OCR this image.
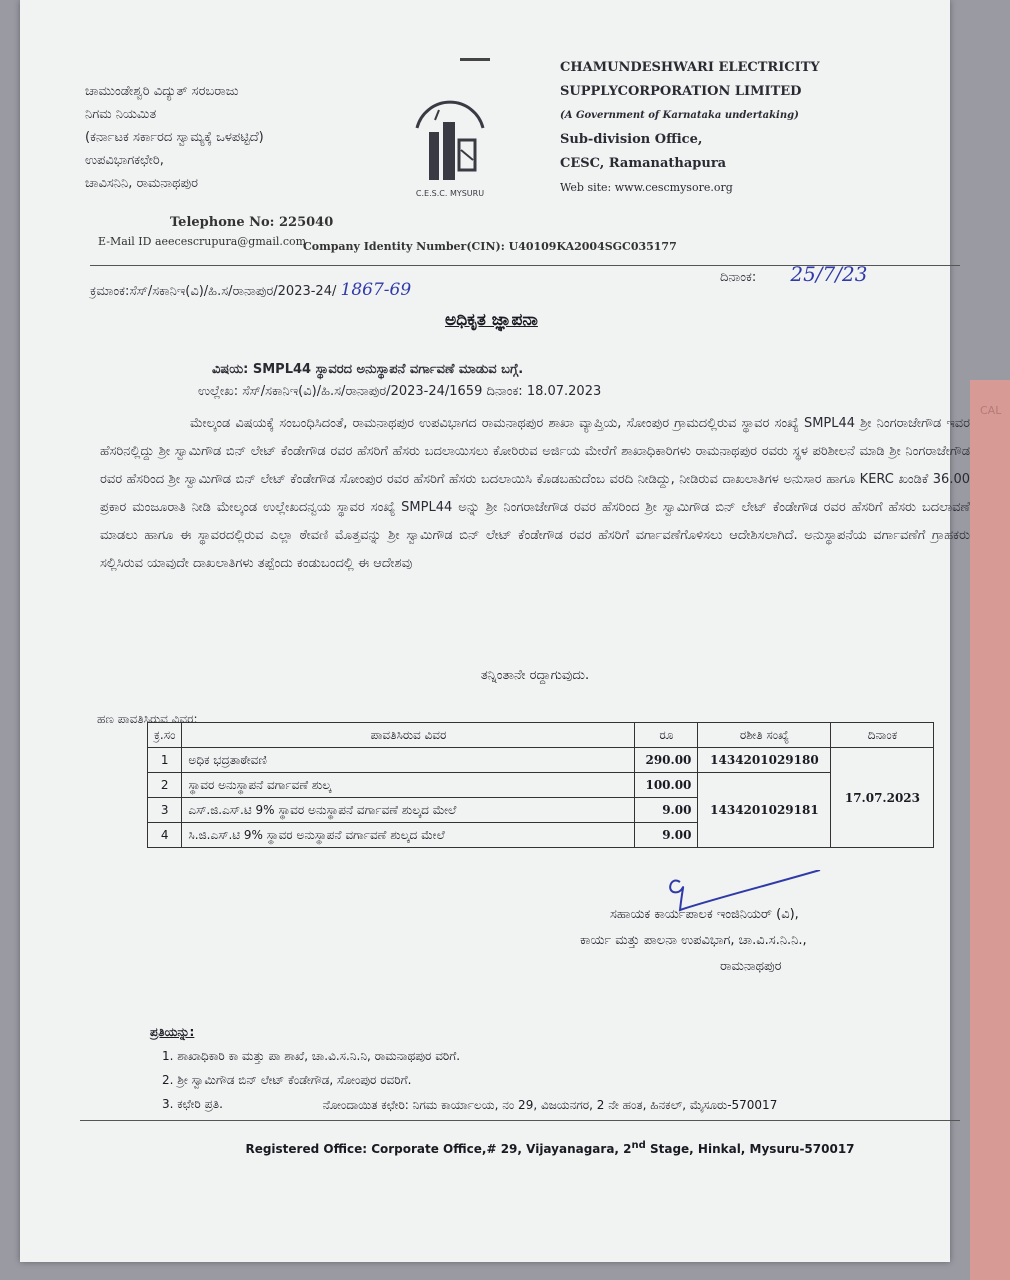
CAL
ಚಾಮುಂಡೇಶ್ವರಿ ವಿದ್ಯುತ್ ಸರಬರಾಜು
ನಿಗಮ ನಿಯಮಿತ
(ಕರ್ನಾಟಕ ಸರ್ಕಾರದ ಸ್ವಾಮ್ಯಕ್ಕೆ ಒಳಪಟ್ಟಿದೆ)
ಉಪವಿಭಾಗಕಛೇರಿ,
ಚಾವಿಸನಿನಿ, ರಾಮನಾಥಪುರ
Telephone No: 225040
E-Mail ID aeecescrupura@gmail.com
C.E.S.C. MYSURU
CHAMUNDESHWARI ELECTRICITY
SUPPLYCORPORATION LIMITED
(A Government of Karnataka undertaking)
Sub-division Office,
CESC, Ramanathapura
Web site: www.cescmysore.org
Company Identity Number(CIN): U40109KA2004SGC035177
ಕ್ರಮಾಂಕ:ಸೆಸ್/ಸಕಾನಿಇ(ವಿ)/ಹಿ.ಸ/ರಾನಾಪುರ/2023-24/ 1867-69
ದಿನಾಂಕ: 25/7/23
ಅಧಿಕೃತ ಜ್ಞಾಪನಾ
ವಿಷಯ: SMPL44 ಸ್ಥಾವರದ ಅನುಸ್ಥಾಪನೆ ವರ್ಗಾವಣೆ ಮಾಡುವ ಬಗ್ಗೆ.
ಉಲ್ಲೇಖ: ಸೆಸ್/ಸಕಾನಿಇ(ವಿ)/ಹಿ.ಸ/ರಾನಾಪುರ/2023-24/1659 ದಿನಾಂಕ: 18.07.2023
ಮೇಲ್ಕಂಡ ವಿಷಯಕ್ಕೆ ಸಂಬಂಧಿಸಿದಂತೆ, ರಾಮನಾಥಪುರ ಉಪವಿಭಾಗದ ರಾಮನಾಥಪುರ ಶಾಖಾ ವ್ಯಾಪ್ತಿಯ, ಸೋಂಪುರ ಗ್ರಾಮದಲ್ಲಿರುವ ಸ್ಥಾವರ ಸಂಖ್ಯೆ SMPL44 ಶ್ರೀ ನಿಂಗರಾಜೇಗೌಡ ಇವರ ಹೆಸರಿನಲ್ಲಿದ್ದು ಶ್ರೀ ಸ್ವಾಮಿಗೌಡ ಬಿನ್ ಲೇಟ್ ಕೆಂಡೇಗೌಡ ರವರ ಹೆಸರಿಗೆ ಹೆಸರು ಬದಲಾಯಿಸಲು ಕೋರಿರುವ ಅರ್ಜಿಯ ಮೇರೆಗೆ ಶಾಖಾಧಿಕಾರಿಗಳು ರಾಮನಾಥಪುರ ರವರು ಸ್ಥಳ ಪರಿಶೀಲನೆ ಮಾಡಿ ಶ್ರೀ ನಿಂಗರಾಜೇಗೌಡ ರವರ ಹೆಸರಿಂದ ಶ್ರೀ ಸ್ವಾಮಿಗೌಡ ಬಿನ್ ಲೇಟ್ ಕೆಂಡೇಗೌಡ ಸೋಂಪುರ ರವರ ಹೆಸರಿಗೆ ಹೆಸರು ಬದಲಾಯಿಸಿ ಕೊಡಬಹುದೆಂಬ ವರದಿ ನೀಡಿದ್ದು, ನೀಡಿರುವ ದಾಖಲಾತಿಗಳ ಅನುಸಾರ ಹಾಗೂ KERC ಖಂಡಿಕೆ 36.00 ಪ್ರಕಾರ ಮಂಜೂರಾತಿ ನೀಡಿ ಮೇಲ್ಕಂಡ ಉಲ್ಲೇಖದನ್ವಯ ಸ್ಥಾವರ ಸಂಖ್ಯೆ SMPL44 ಅನ್ನು ಶ್ರೀ ನಿಂಗರಾಜೇಗೌಡ ರವರ ಹೆಸರಿಂದ ಶ್ರೀ ಸ್ವಾಮಿಗೌಡ ಬಿನ್ ಲೇಟ್ ಕೆಂಡೇಗೌಡ ರವರ ಹೆಸರಿಗೆ ಹೆಸರು ಬದಲಾವಣೆ ಮಾಡಲು ಹಾಗೂ ಈ ಸ್ಥಾವರದಲ್ಲಿರುವ ಎಲ್ಲಾ ಠೇವಣಿ ಮೊತ್ತವನ್ನು ಶ್ರೀ ಸ್ವಾಮಿಗೌಡ ಬಿನ್ ಲೇಟ್ ಕೆಂಡೇಗೌಡ ರವರ ಹೆಸರಿಗೆ ವರ್ಗಾವಣೆಗೊಳಿಸಲು ಆದೇಶಿಸಲಾಗಿದೆ. ಅನುಸ್ಥಾಪನೆಯ ವರ್ಗಾವಣೆಗೆ ಗ್ರಾಹಕರು ಸಲ್ಲಿಸಿರುವ ಯಾವುದೇ ದಾಖಲಾತಿಗಳು ತಪ್ಪೆಂದು ಕಂಡುಬಂದಲ್ಲಿ ಈ ಆದೇಶವು
ತನ್ನಿಂತಾನೇ ರದ್ದಾಗುವುದು.
ಹಣ ಪಾವತಿಸಿರುವ ವಿವರ:
ಕ್ರ.ಸಂ	ಪಾವತಿಸಿರುವ ವಿವರ	ರೂ	ರಶೀತಿ ಸಂಖ್ಯೆ	ದಿನಾಂಕ
1	ಅಧಿಕ ಭದ್ರತಾಠೇವಣಿ	290.00	1434201029180	17.07.2023
2	ಸ್ಥಾವರ ಅನುಸ್ಥಾಪನೆ ವರ್ಗಾವಣೆ ಶುಲ್ಕ	100.00	1434201029181	
3	ಎಸ್.ಜಿ.ಎಸ್.ಟಿ 9% ಸ್ಥಾವರ ಅನುಸ್ಥಾಪನೆ ವರ್ಗಾವಣೆ ಶುಲ್ಕದ ಮೇಲೆ	9.00		
4	ಸಿ.ಜಿ.ಎಸ್.ಟಿ 9% ಸ್ಥಾವರ ಅನುಸ್ಥಾಪನೆ ವರ್ಗಾವಣೆ ಶುಲ್ಕದ ಮೇಲೆ	9.00		
ಸಹಾಯಕ ಕಾರ್ಯಪಾಲಕ ಇಂಜಿನಿಯರ್ (ವಿ),
ಕಾರ್ಯ ಮತ್ತು ಪಾಲನಾ ಉಪವಿಭಾಗ, ಚಾ.ವಿ.ಸ.ನಿ.ನಿ.,
ರಾಮನಾಥಪುರ
ಪ್ರತಿಯನ್ನು:
1. ಶಾಖಾಧಿಕಾರಿ ಕಾ ಮತ್ತು ಪಾ ಶಾಖೆ, ಚಾ.ವಿ.ಸ.ನಿ.ನಿ, ರಾಮನಾಥಪುರ ವರಿಗೆ.
2. ಶ್ರೀ ಸ್ವಾಮಿಗೌಡ ಬಿನ್ ಲೇಟ್ ಕೆಂಡೇಗೌಡ, ಸೋಂಪುರ ರವರಿಗೆ.
3. ಕಛೇರಿ ಪ್ರತಿ.	ನೋಂದಾಯಿತ ಕಛೇರಿ: ನಿಗಮ ಕಾರ್ಯಾಲಯ, ನಂ 29, ವಿಜಯನಗರ, 2 ನೇ ಹಂತ, ಹಿನಕಲ್, ಮೈಸೂರು-570017
Registered Office: Corporate Office,# 29, Vijayanagara, 2nd Stage, Hinkal, Mysuru-570017
